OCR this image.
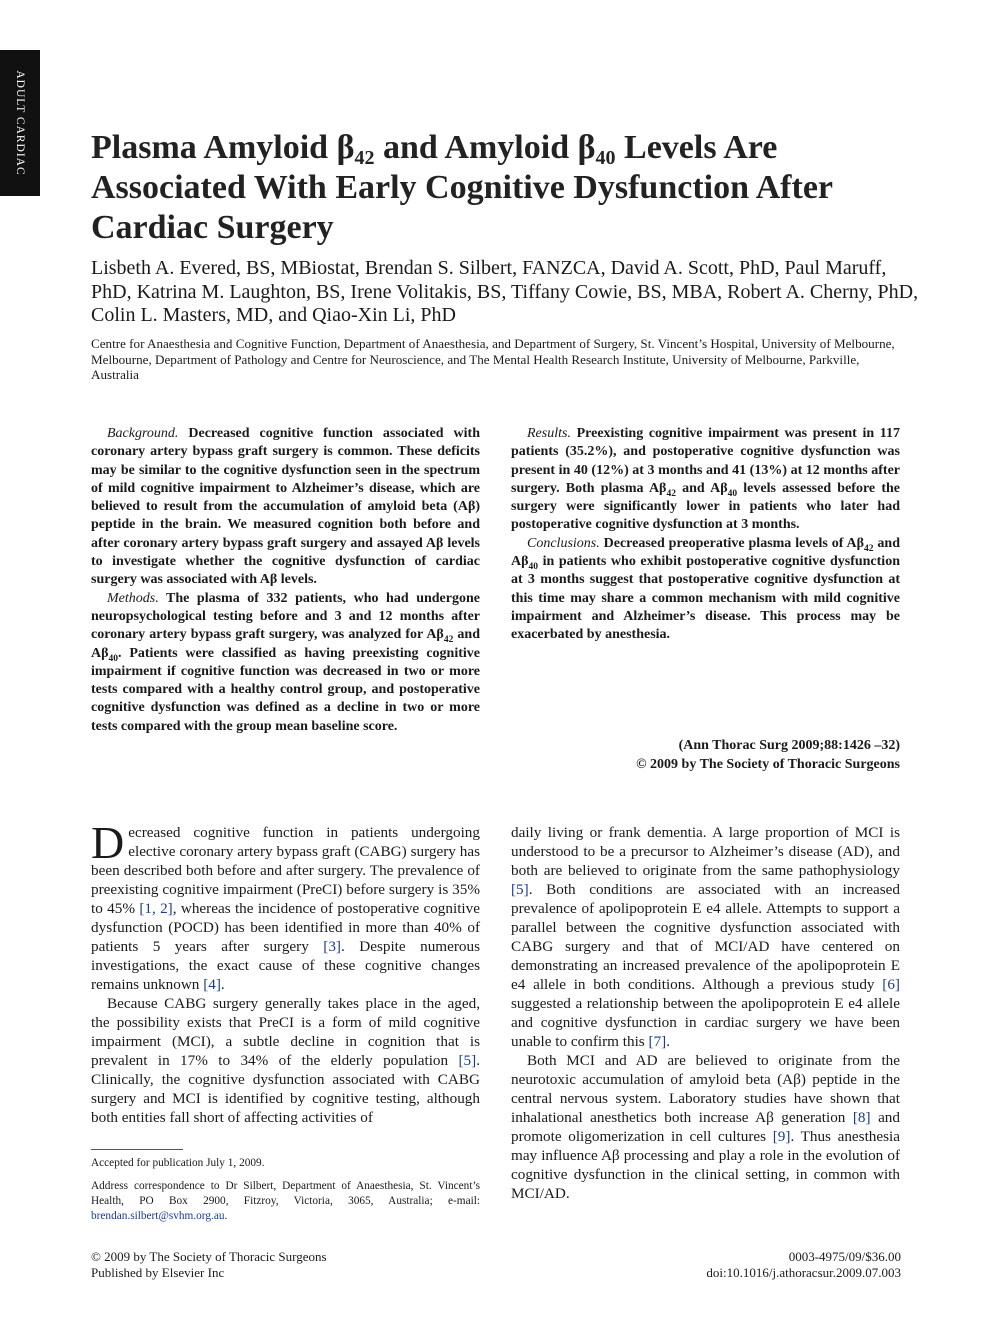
ADULT CARDIAC Plasma Amyloid $\beta_{42}$ and Amyloid $\beta_{40}$ Levels Are Associated With Early Cognitive Dysfunction After Cardiac Surgery
Lisbeth A. Evered, BS, MBiostat, Brendan S. Silbert, FANZCA, David A. Scott, PhD, Paul Maruff, PhD, Katrina M. Laughton, BS, Irene Volitakis, BS, Tiffany Cowie, BS, MBA, Robert A. Cherny, PhD, Colin L. Masters, MD, and Qiao-Xin Li, PhD
Centre for Anaesthesia and Cognitive Function, Department of Anaesthesia, and Department of Surgery, St. Vincent’s Hospital, University of Melbourne, Melbourne, Department of Pathology and Centre for Neuroscience, and The Mental Health Research Institute, University of Melbourne, Parkville, Australia

Background. Decreased cognitive function associated with coronary artery bypass graft surgery is common. These deficits may be similar to the cognitive dysfunction seen in the spectrum of mild cognitive impairment to Alzheimer’s disease, which are believed to result from the accumulation of amyloid beta (Aβ) peptide in the brain. We measured cognition both before and after coronary artery bypass graft surgery and assayed Aβ levels to investigate whether the cognitive dysfunction of cardiac surgery was associated with Aβ levels.

Methods. The plasma of 332 patients, who had undergone neuropsychological testing before and 3 and 12 months after coronary artery bypass graft surgery, was analyzed for $A\beta_{42}$ and $A\beta_{40}$. Patients were classified as having preexisting cognitive impairment if cognitive function was decreased in two or more tests compared with a healthy control group, and postoperative cognitive dysfunction was defined as a decline in two or more tests compared with the group mean baseline score.

Results. Preexisting cognitive impairment was present in 117 patients (35.2%), and postoperative cognitive dysfunction was present in 40 (12%) at 3 months and 41 (13%) at 12 months after surgery. Both plasma $A\beta_{42}$ and $A\beta_{40}$ levels assessed before the surgery were significantly lower in patients who later had postoperative cognitive dysfunction at 3 months.

Conclusions. Decreased preoperative plasma levels of $A\beta_{42}$ and $A\beta_{40}$ in patients who exhibit postoperative cognitive dysfunction at 3 months suggest that postoperative cognitive dysfunction at this time may share a common mechanism with mild cognitive impairment and Alzheimer’s disease. This process may be exacerbated by anesthesia.

(Ann Thorac Surg 2009;88:1426 –32)
© 2009 by The Society of Thoracic Surgeons

Decreased cognitive function in patients undergoing elective coronary artery bypass graft (CABG) surgery has been described both before and after surgery. The prevalence of preexisting cognitive impairment (PreCI) before surgery is 35% to 45% [1, 2], whereas the incidence of postoperative cognitive dysfunction (POCD) has been identified in more than 40% of patients 5 years after surgery [3]. Despite numerous investigations, the exact cause of these cognitive changes remains unknown [4].

Because CABG surgery generally takes place in the aged, the possibility exists that PreCI is a form of mild cognitive impairment (MCI), a subtle decline in cognition that is prevalent in 17% to 34% of the elderly population [5]. Clinically, the cognitive dysfunction associated with CABG surgery and MCI is identified by cognitive testing, although both entities fall short of affecting activities of

daily living or frank dementia. A large proportion of MCI is understood to be a precursor to Alzheimer’s disease (AD), and both are believed to originate from the same pathophysiology [5]. Both conditions are associated with an increased prevalence of apolipoprotein E e4 allele. Attempts to support a parallel between the cognitive dysfunction associated with CABG surgery and that of MCI/AD have centered on demonstrating an increased prevalence of the apolipoprotein E e4 allele in both conditions. Although a previous study [6] suggested a relationship between the apolipoprotein E e4 allele and cognitive dysfunction in cardiac surgery we have been unable to confirm this [7].

Both MCI and AD are believed to originate from the neurotoxic accumulation of amyloid beta (Aβ) peptide in the central nervous system. Laboratory studies have shown that inhalational anesthetics both increase Aβ generation [8] and promote oligomerization in cell cultures [9]. Thus anesthesia may influence Aβ processing and play a role in the evolution of cognitive dysfunction in the clinical setting, in common with MCI/AD.

Accepted for publication July 1, 2009.

Address correspondence to Dr Silbert, Department of Anaesthesia, St. Vincent’s Health, PO Box 2900, Fitzroy, Victoria, 3065, Australia; e-mail: brendan.silbert@svhm.org.au.

© 2009 by The Society of Thoracic Surgeons
Published by Elsevier Inc
0003-4975/09/$36.00
doi:10.1016/j.athoracsur.2009.07.003
